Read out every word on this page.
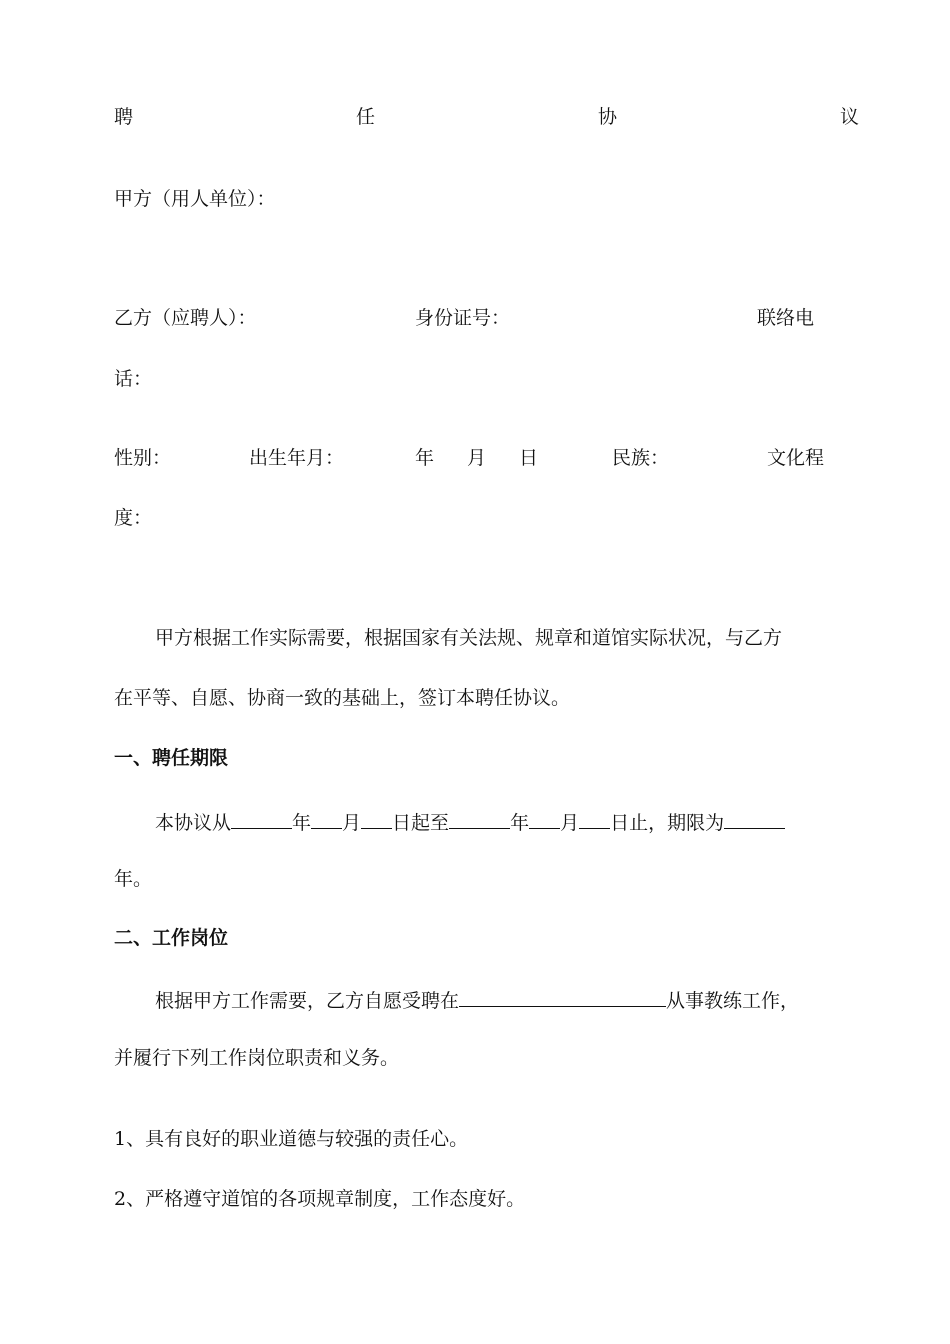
聘	任	协	议
甲方（用人单位）：
乙方（应聘人）：	身份证号：	联络电
话：
性别：	出生年月：	年 月 日	民族：	文化程
度：
甲方根据工作实际需要，根据国家有关法规、规章和道馆实际状况，与乙方
在平等、自愿、协商一致的基础上，签订本聘任协议。
一、聘任期限
本协议从	年 月 日起至	年 月 日止，期限为
年。
二、工作岗位
根据甲方工作需要，乙方自愿受聘在	从事教练工作，
并履行下列工作岗位职责和义务。
1、具有良好的职业道德与较强的责任心。
2、严格遵守道馆的各项规章制度，工作态度好。
